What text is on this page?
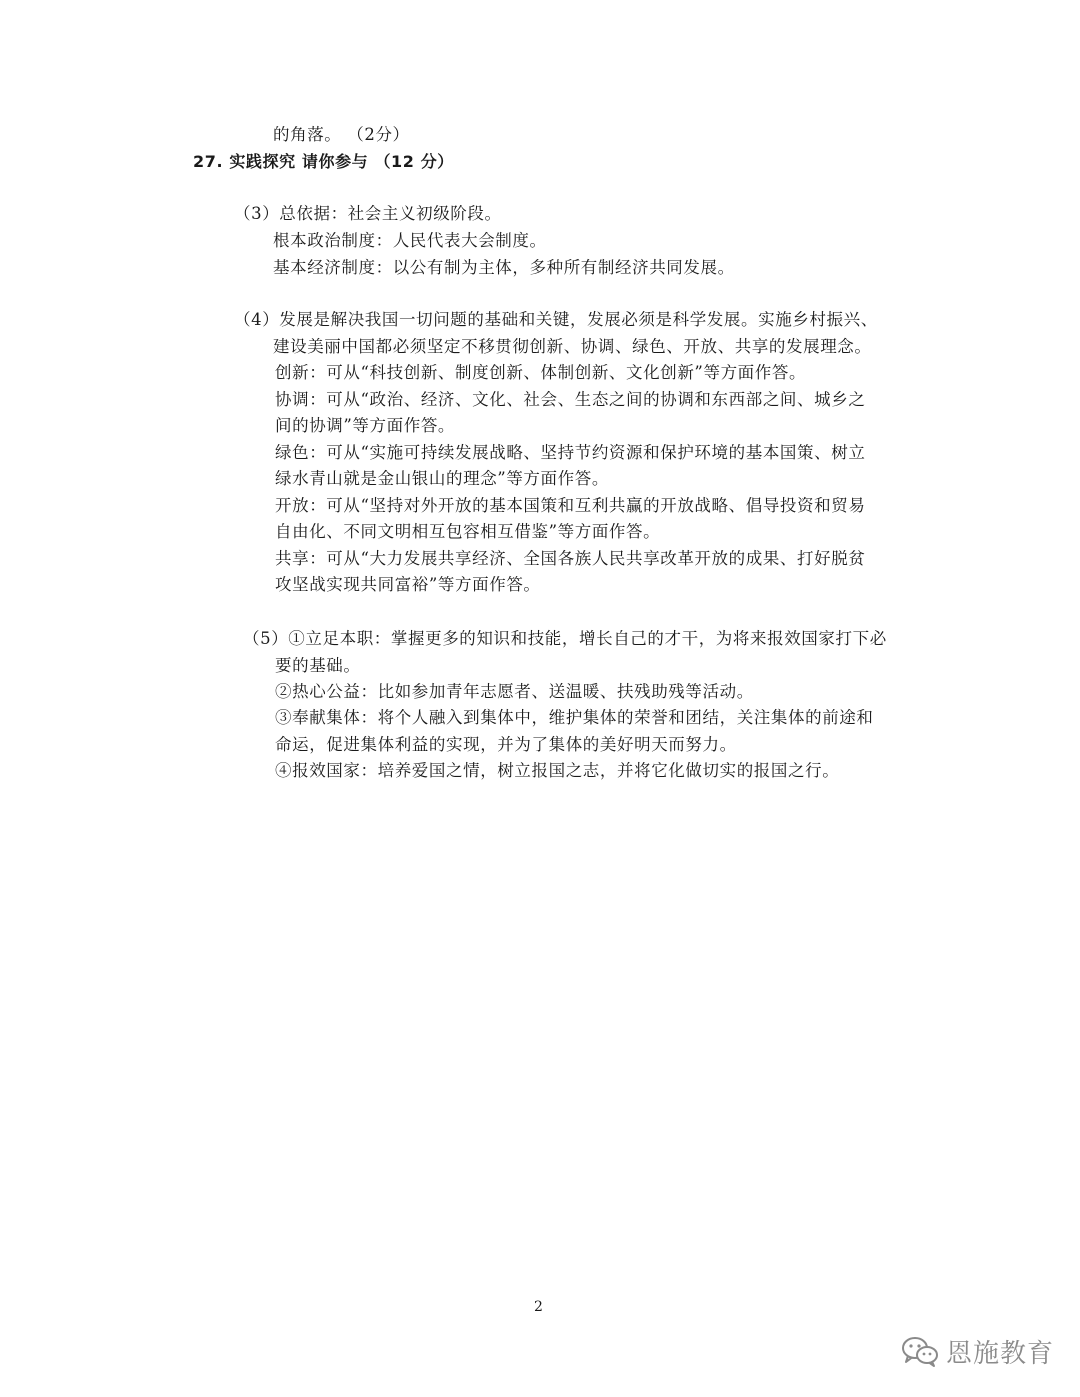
的角落。 （2分）
27. 实践探究 请你参与 （12 分）
（3）总依据：社会主义初级阶段。
根本政治制度：人民代表大会制度。
基本经济制度：以公有制为主体，多种所有制经济共同发展。
（4）发展是解决我国一切问题的基础和关键，发展必须是科学发展。实施乡村振兴、
建设美丽中国都必须坚定不移贯彻创新、协调、绿色、开放、共享的发展理念。
创新：可从“科技创新、制度创新、体制创新、文化创新”等方面作答。
协调：可从“政治、经济、文化、社会、生态之间的协调和东西部之间、城乡之
间的协调”等方面作答。
绿色：可从“实施可持续发展战略、坚持节约资源和保护环境的基本国策、树立
绿水青山就是金山银山的理念”等方面作答。
开放：可从“坚持对外开放的基本国策和互利共赢的开放战略、倡导投资和贸易
自由化、不同文明相互包容相互借鉴”等方面作答。
共享：可从“大力发展共享经济、全国各族人民共享改革开放的成果、打好脱贫
攻坚战实现共同富裕”等方面作答。
（5）①立足本职：掌握更多的知识和技能，增长自己的才干，为将来报效国家打下必
要的基础。
②热心公益：比如参加青年志愿者、送温暖、扶残助残等活动。
③奉献集体：将个人融入到集体中，维护集体的荣誉和团结，关注集体的前途和
命运，促进集体利益的实现，并为了集体的美好明天而努力。
④报效国家：培养爱国之情，树立报国之志，并将它化做切实的报国之行。
2
恩施教育
